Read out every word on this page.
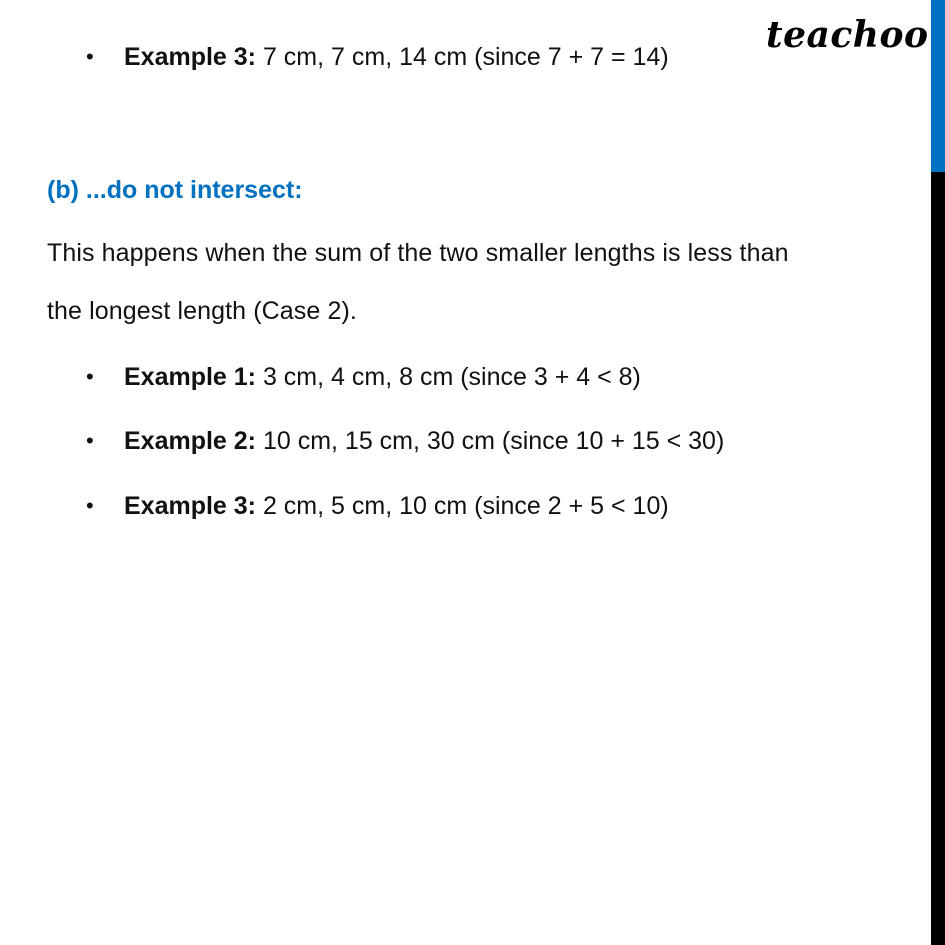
teachoo
• Example 3: 7 cm, 7 cm, 14 cm (since 7 + 7 = 14)
(b) ...do not intersect:
This happens when the sum of the two smaller lengths is less than
the longest length (Case 2).
• Example 1: 3 cm, 4 cm, 8 cm (since 3 + 4 < 8)
• Example 2: 10 cm, 15 cm, 30 cm (since 10 + 15 < 30)
• Example 3: 2 cm, 5 cm, 10 cm (since 2 + 5 < 10)
